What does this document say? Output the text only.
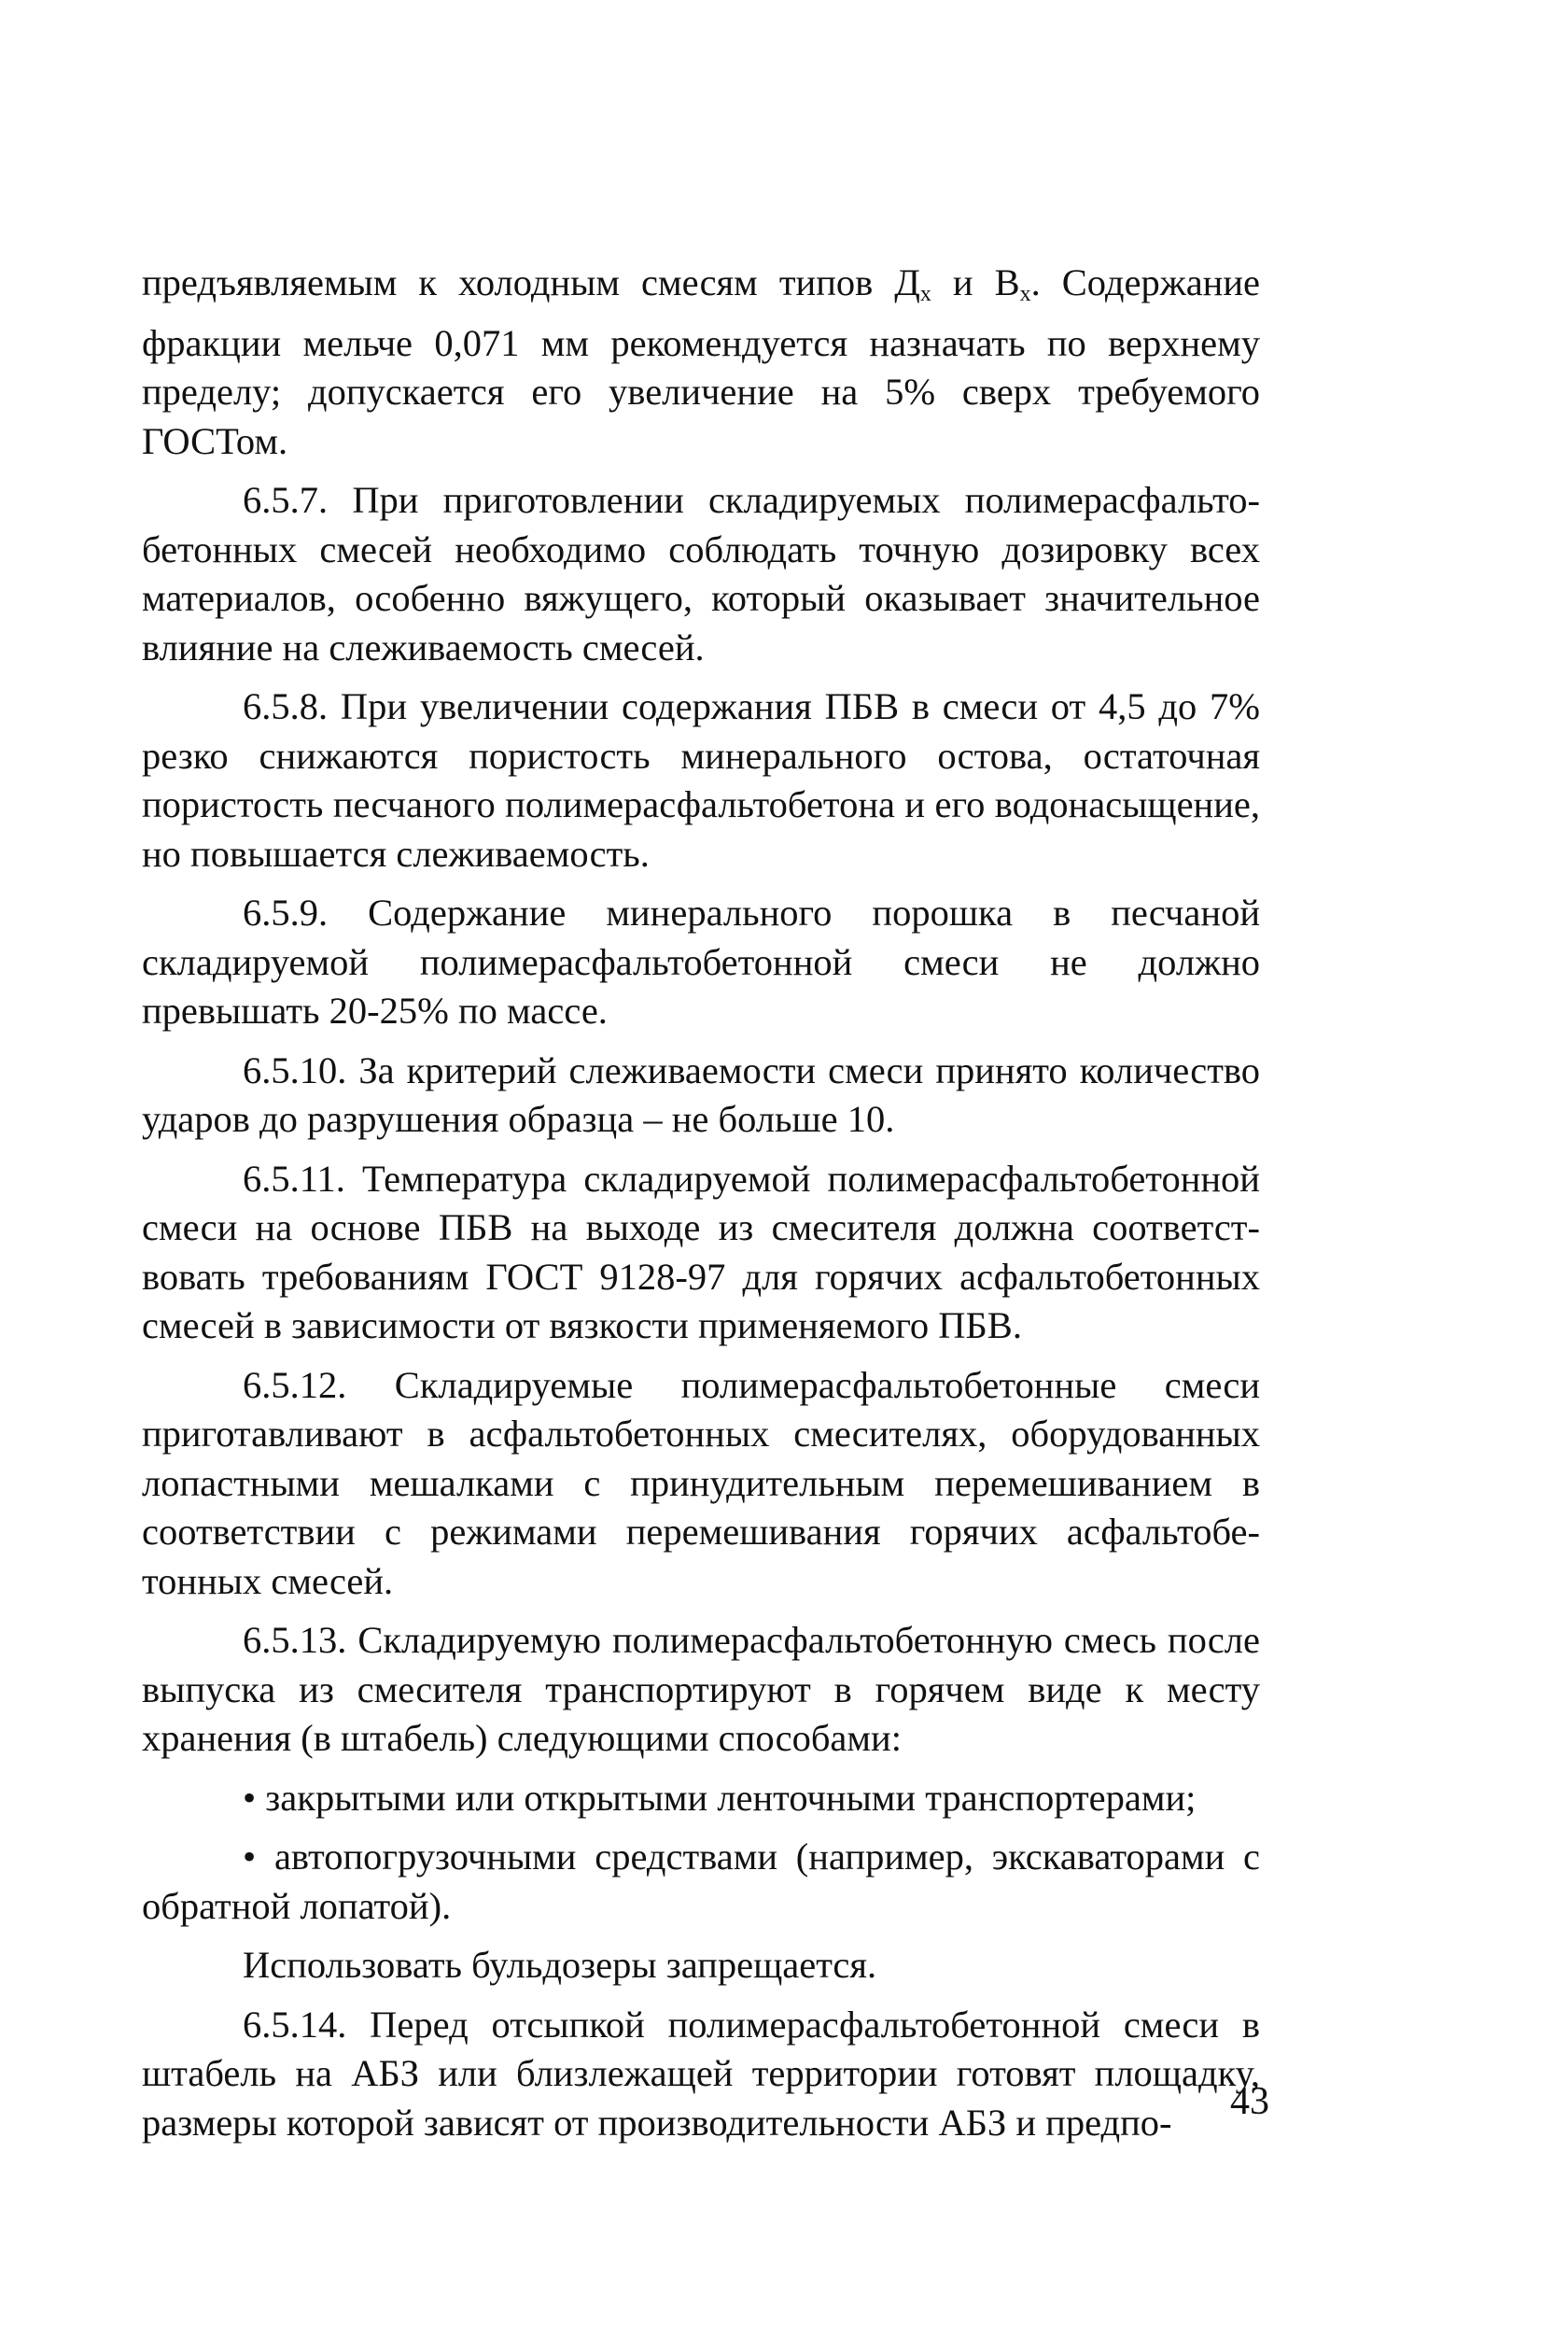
предъявляемым к холодным смесям типов $Д_х$ и $В_х$. Содержание фракции мельче 0,071 мм рекомендуется назначать по верхнему пределу; допускается его увеличение на 5% сверх требуемого ГОСТом.

6.5.7. При приготовлении складируемых полимерасфальтобетонных смесей необходимо соблюдать точную дозировку всех материалов, особенно вяжущего, который оказывает значительное влияние на слеживаемость смесей.

6.5.8. При увеличении содержания ПБВ в смеси от 4,5 до 7% резко снижаются пористость минерального остова, остаточная пористость песчаного полимерасфальтобетона и его водонасыщение, но повышается слеживаемость.

6.5.9. Содержание минерального порошка в песчаной складируемой полимерасфальтобетонной смеси не должно превышать 20-25% по массе.

6.5.10. За критерий слеживаемости смеси принято количество ударов до разрушения образца – не больше 10.

6.5.11. Температура складируемой полимерасфальтобетонной смеси на основе ПБВ на выходе из смесителя должна соответствовать требованиям ГОСТ 9128-97 для горячих асфальтобетонных смесей в зависимости от вязкости применяемого ПБВ.

6.5.12. Складируемые полимерасфальтобетонные смеси приготавливают в асфальтобетонных смесителях, оборудованных лопастными мешалками с принудительным перемешиванием в соответствии с режимами перемешивания горячих асфальтобетонных смесей.

6.5.13. Складируемую полимерасфальтобетонную смесь после выпуска из смесителя транспортируют в горячем виде к месту хранения (в штабель) следующими способами:

• закрытыми или открытыми ленточными транспортерами;

• автопогрузочными средствами (например, экскаваторами с обратной лопатой).

Использовать бульдозеры запрещается.

6.5.14. Перед отсыпкой полимерасфальтобетонной смеси в штабель на АБЗ или близлежащей территории готовят площадку, размеры которой зависят от производительности АБЗ и предпо-	43
